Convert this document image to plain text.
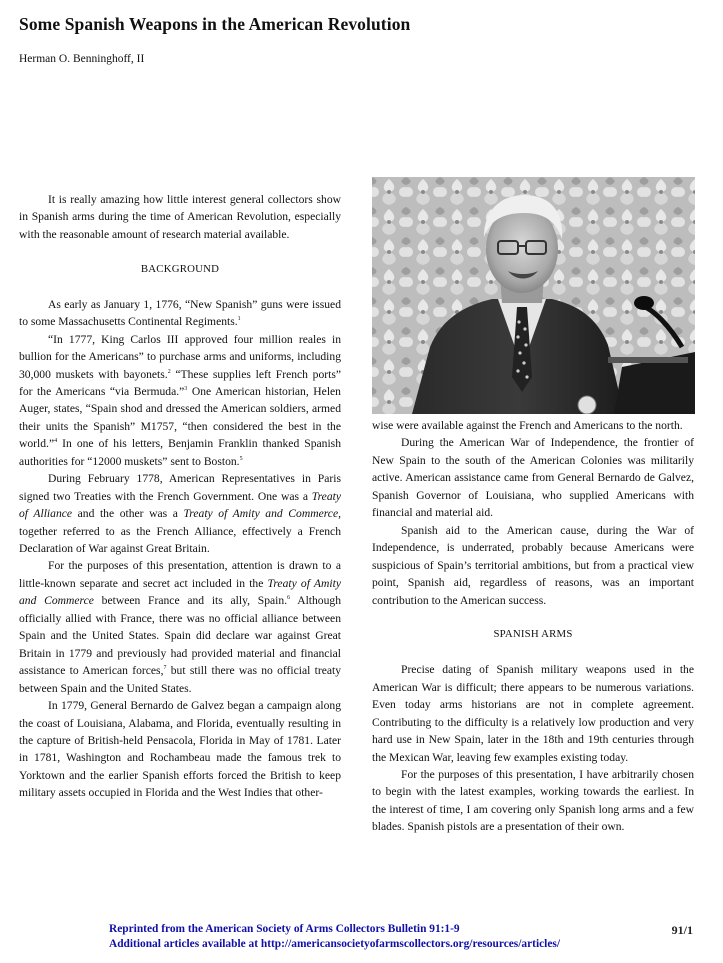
Some Spanish Weapons in the American Revolution
Herman O. Benninghoff, II

It is really amazing how little interest general collectors show in Spanish arms during the time of American Revolution, especially with the reasonable amount of research material available.

BACKGROUND

As early as January 1, 1776, “New Spanish” guns were issued to some Massachusetts Continental Regiments.$^1$

“In 1777, King Carlos III approved four million reales in bullion for the Americans” to purchase arms and uniforms, including 30,000 muskets with bayonets.$^2$ “These supplies left French ports” for the Americans “via Bermuda.”$^3$ One American historian, Helen Auger, states, “Spain shod and dressed the American soldiers, armed their units the Spanish” M1757, “then considered the best in the world.”$^4$ In one of his letters, Benjamin Franklin thanked Spanish authorities for “12000 muskets” sent to Boston.$^5$

During February 1778, American Representatives in Paris signed two Treaties with the French Government. One was a Treaty of Alliance and the other was a Treaty of Amity and Commerce, together referred to as the French Alliance, effectively a French Declaration of War against Great Britain.

For the purposes of this presentation, attention is drawn to a little-known separate and secret act included in the Treaty of Amity and Commerce between France and its ally, Spain.$^6$ Although officially allied with France, there was no official alliance between Spain and the United States. Spain did declare war against Great Britain in 1779 and previously had provided material and financial assistance to American forces,$^7$ but still there was no official treaty between Spain and the United States.

In 1779, General Bernardo de Galvez began a campaign along the coast of Louisiana, Alabama, and Florida, eventually resulting in the capture of British-held Pensacola, Florida in May of 1781. Later in 1781, Washington and Rochambeau made the famous trek to Yorktown and the earlier Spanish efforts forced the British to keep military assets occupied in Florida and the West Indies that other-

wise were available against the French and Americans to the north.

During the American War of Independence, the frontier of New Spain to the south of the American Colonies was militarily active. American assistance came from General Bernardo de Galvez, Spanish Governor of Louisiana, who supplied Americans with financial and material aid.

Spanish aid to the American cause, during the War of Independence, is underrated, probably because Americans were suspicious of Spain’s territorial ambitions, but from a practical view point, Spanish aid, regardless of reasons, was an important contribution to the American success.

SPANISH ARMS

Precise dating of Spanish military weapons used in the American War is difficult; there appears to be numerous variations. Even today arms historians are not in complete agreement. Contributing to the difficulty is a relatively low production and very hard use in New Spain, later in the 18th and 19th centuries through the Mexican War, leaving few examples existing today.

For the purposes of this presentation, I have arbitrarily chosen to begin with the latest examples, working towards the earliest. In the interest of time, I am covering only Spanish long arms and a few blades. Spanish pistols are a presentation of their own.

Reprinted from the American Society of Arms Collectors Bulletin 91:1-9
Additional articles available at http://americansocietyofarmscollectors.org/resources/articles/
91/1
